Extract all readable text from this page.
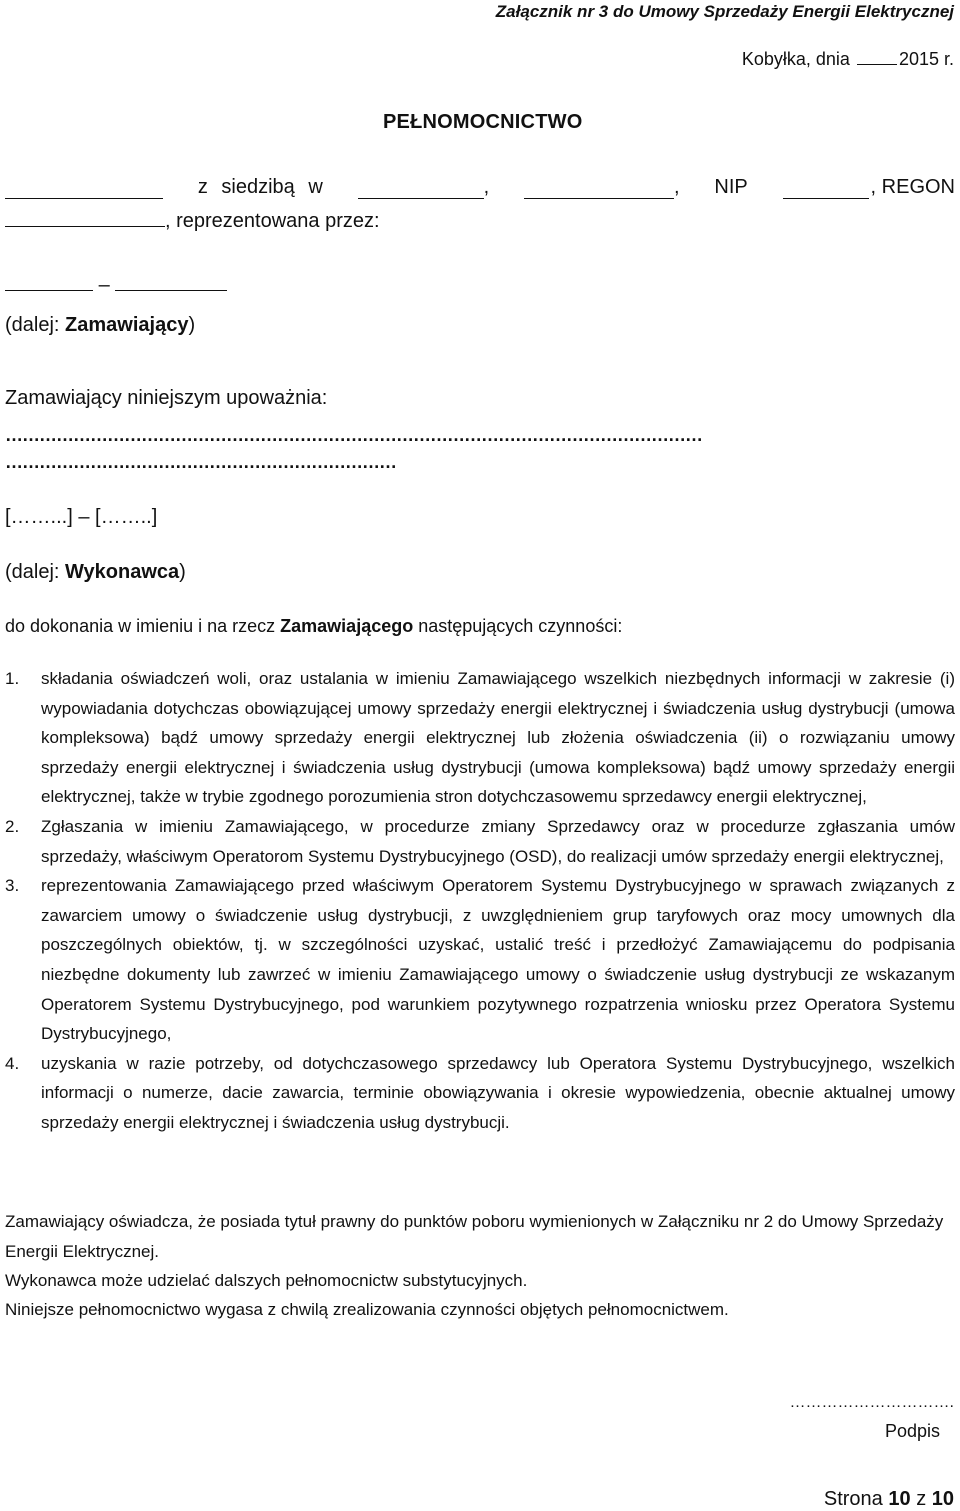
Załącznik nr 3 do Umowy Sprzedaży Energii Elektrycznej
Kobyłka, dnia	2015 r.
PEŁNOMOCNICTWO
z siedzibą w	,	, NIP	, REGON
, reprezentowana przez:
–
(dalej: Zamawiający)
Zamawiający niniejszym upoważnia:
……………………………………………………………………………………………………………
……………………………………………………………
[……...] – [……..]
(dalej: Wykonawca)
do dokonania w imieniu i na rzecz Zamawiającego następujących czynności:
1. składania oświadczeń woli, oraz ustalania w imieniu Zamawiającego wszelkich niezbędnych informacji w zakresie (i) wypowiadania dotychczas obowiązującej umowy sprzedaży energii elektrycznej i świadczenia usług dystrybucji (umowa kompleksowa) bądź umowy sprzedaży energii elektrycznej lub złożenia oświadczenia (ii) o rozwiązaniu umowy sprzedaży energii elektrycznej i świadczenia usług dystrybucji (umowa kompleksowa) bądź umowy sprzedaży energii elektrycznej, także w trybie zgodnego porozumienia stron dotychczasowemu sprzedawcy energii elektrycznej,
2. Zgłaszania w imieniu Zamawiającego, w procedurze zmiany Sprzedawcy oraz w procedurze zgłaszania umów sprzedaży, właściwym Operatorom Systemu Dystrybucyjnego (OSD), do realizacji umów sprzedaży energii elektrycznej,
3. reprezentowania Zamawiającego przed właściwym Operatorem Systemu Dystrybucyjnego w sprawach związanych z zawarciem umowy o świadczenie usług dystrybucji, z uwzględnieniem grup taryfowych oraz mocy umownych dla poszczególnych obiektów, tj. w szczególności uzyskać, ustalić treść i przedłożyć Zamawiającemu do podpisania niezbędne dokumenty lub zawrzeć w imieniu Zamawiającego umowy o świadczenie usług dystrybucji ze wskazanym Operatorem Systemu Dystrybucyjnego, pod warunkiem pozytywnego rozpatrzenia wniosku przez Operatora Systemu Dystrybucyjnego,
4. uzyskania w razie potrzeby, od dotychczasowego sprzedawcy lub Operatora Systemu Dystrybucyjnego, wszelkich informacji o numerze, dacie zawarcia, terminie obowiązywania i okresie wypowiedzenia, obecnie aktualnej umowy sprzedaży energii elektrycznej i świadczenia usług dystrybucji.
Zamawiający oświadcza, że posiada tytuł prawny do punktów poboru wymienionych w Załączniku nr 2 do Umowy Sprzedaży Energii Elektrycznej.
Wykonawca może udzielać dalszych pełnomocnictw substytucyjnych.
Niniejsze pełnomocnictwo wygasa z chwilą zrealizowania czynności objętych pełnomocnictwem.
………………………….
Podpis
Strona 10 z 10
